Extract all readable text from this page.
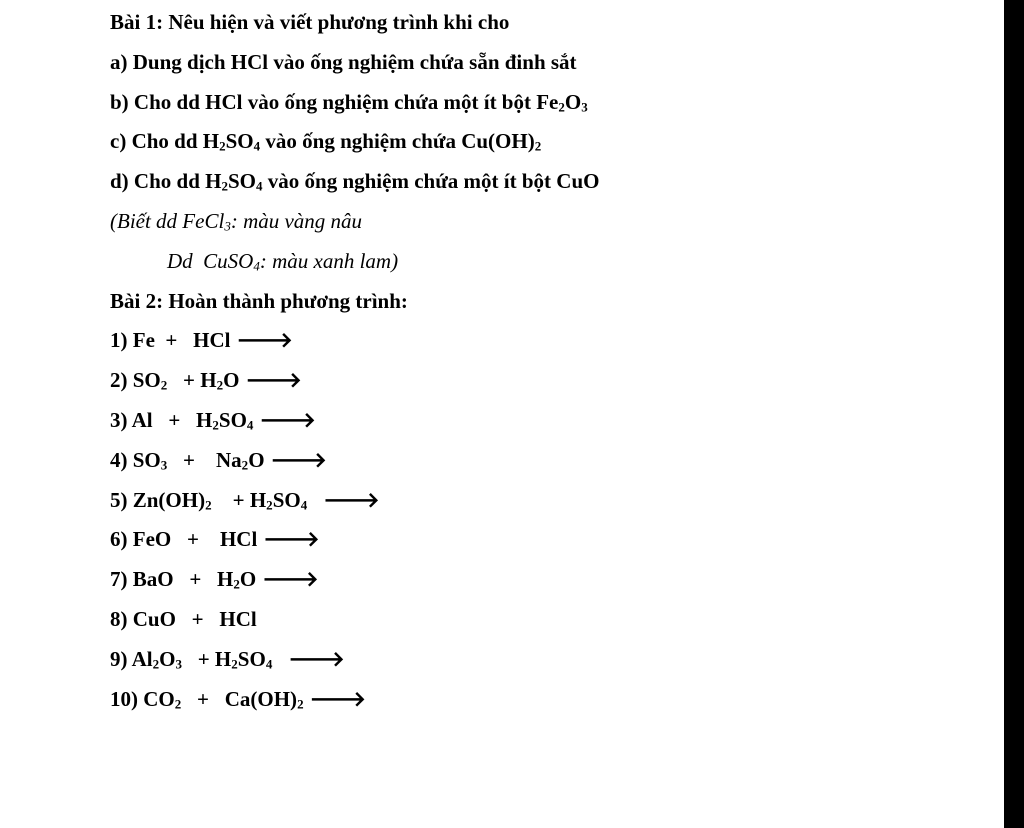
Bài 1: Nêu hiện và viết phương trình khi cho
a) Dung dịch HCl vào ống nghiệm chứa sẵn đinh sắt
b) Cho dd HCl vào ống nghiệm chứa một ít bột $Fe_2O_3$
c) Cho dd $H_2SO_4$ vào ống nghiệm chứa $Cu(OH)_2$
d) Cho dd $H_2SO_4$ vào ống nghiệm chứa một ít bột CuO
(Biết dd FeCl$_3$: màu vàng nâu
Dd  CuSO$_4$: màu xanh lam)
Bài 2: Hoàn thành phương trình:
1) Fe  +   HCl 🡒
2) $SO_2 + H_2O$ 🡒
3) $Al + H_2SO_4$ 🡒
4) $SO_3$   +    $Na_2O$ 🡒
5) $Zn(OH)_2$    + $H_2SO_4$ 🡒
6) FeO   +    HCl 🡒
7) BaO   +   $H_2O$ 🡒
8) CuO   +   HCl
9) $Al_2O_3 + H_2SO_4$ 🡒
10) $CO_2 + Ca(OH)_2$ 🡒
